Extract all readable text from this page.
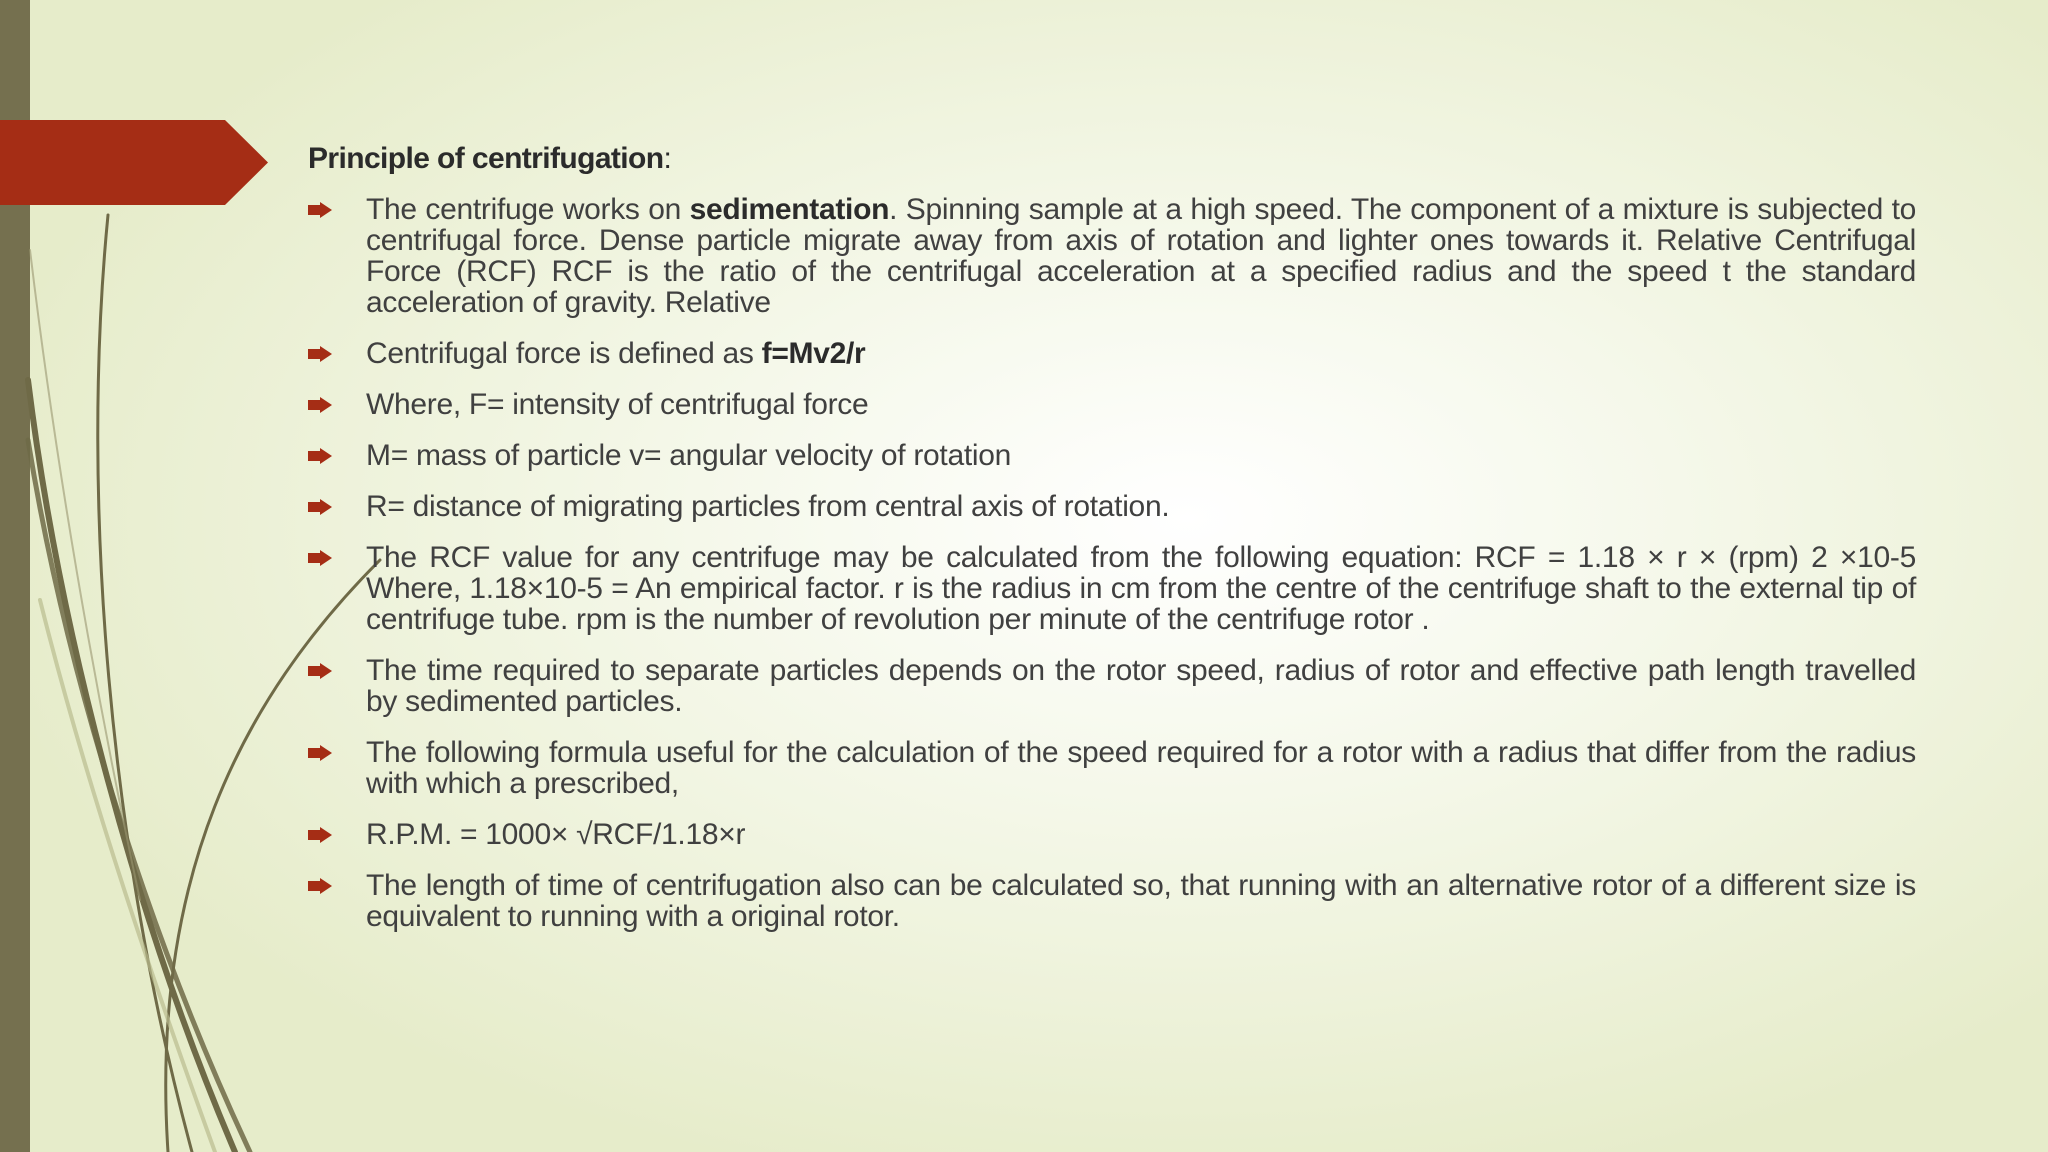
Principle of centrifugation:
The centrifuge works on sedimentation. Spinning sample at a high speed. The component of a mixture is subjected to centrifugal force. Dense particle migrate away from axis of rotation and lighter ones towards it. Relative Centrifugal Force (RCF) RCF is the ratio of the centrifugal acceleration at a specified radius and the speed t the standard acceleration of gravity. Relative
Centrifugal force is defined as f=Mv2/r
Where, F= intensity of centrifugal force
M= mass of particle v= angular velocity of rotation
R= distance of migrating particles from central axis of rotation.
The RCF value for any centrifuge may be calculated from the following equation: RCF = 1.18 × r × (rpm) 2 ×10-5 Where, 1.18×10-5 = An empirical factor. r is the radius in cm from the centre of the centrifuge shaft to the external tip of centrifuge tube. rpm is the number of revolution per minute of the centrifuge rotor .
The time required to separate particles depends on the rotor speed, radius of rotor and effective path length travelled by sedimented particles.
The following formula useful for the calculation of the speed required for a rotor with a radius that differ from the radius with which a prescribed,
R.P.M. = 1000× √RCF/1.18×r
The length of time of centrifugation also can be calculated so, that running with an alternative rotor of a different size is equivalent to running with a original rotor.
